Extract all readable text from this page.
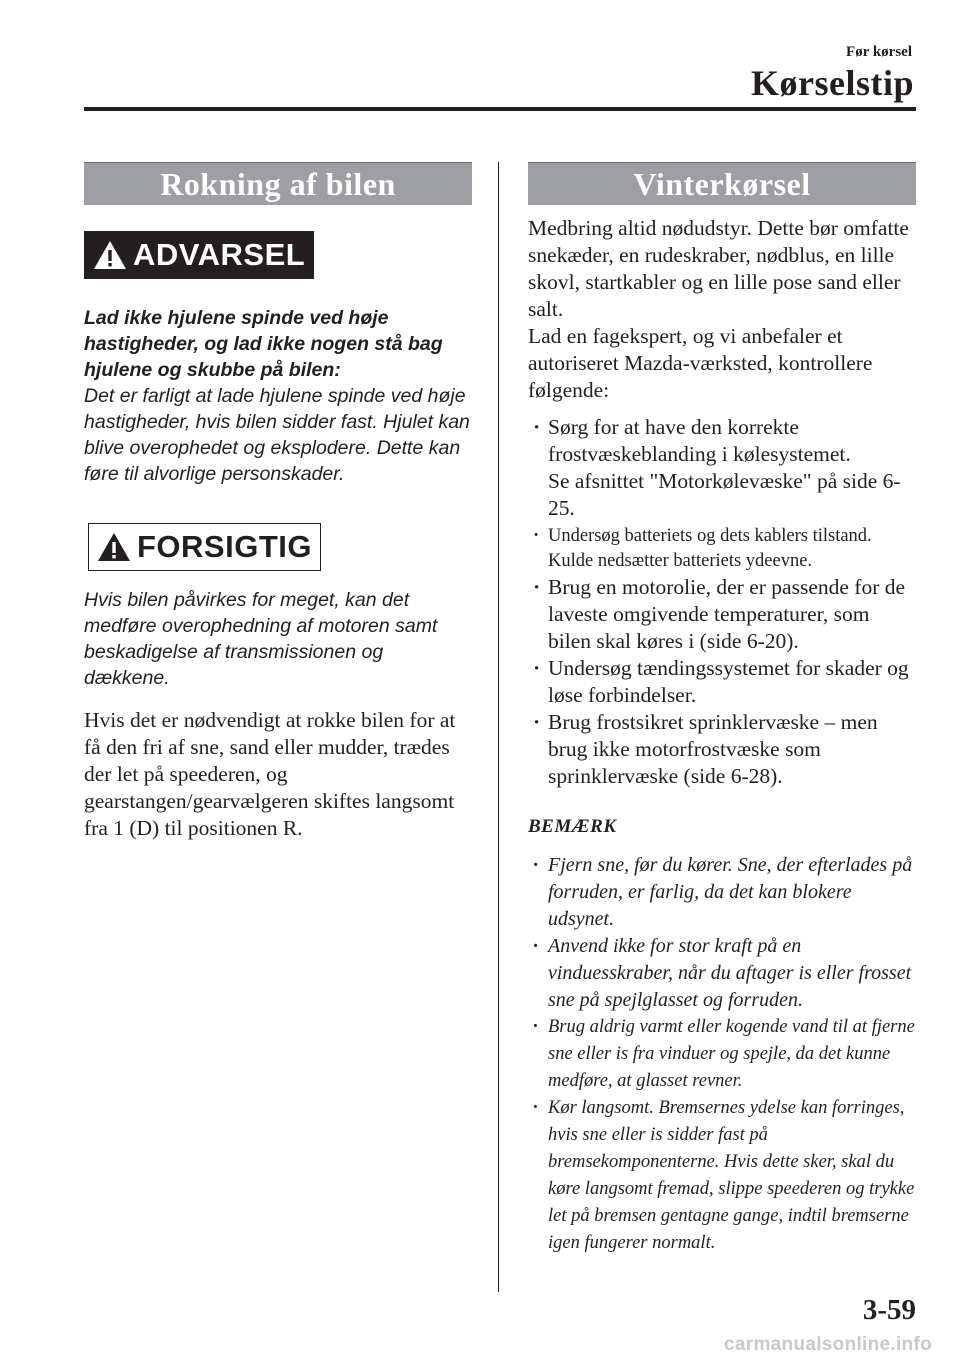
Før kørsel
Kørselstip
Rokning af bilen
ADVARSEL
Lad ikke hjulene spinde ved høje hastigheder, og lad ikke nogen stå bag hjulene og skubbe på bilen:
Det er farligt at lade hjulene spinde ved høje hastigheder, hvis bilen sidder fast. Hjulet kan blive overophedet og eksplodere. Dette kan føre til alvorlige personskader.
FORSIGTIG
Hvis bilen påvirkes for meget, kan det medføre overophedning af motoren samt beskadigelse af transmissionen og dækkene.
Hvis det er nødvendigt at rokke bilen for at få den fri af sne, sand eller mudder, trædes der let på speederen, og gearstangen/gearvælgeren skiftes langsomt fra 1 (D) til positionen R.
Vinterkørsel
Medbring altid nødudstyr. Dette bør omfatte snekæder, en rudeskraber, nødblus, en lille skovl, startkabler og en lille pose sand eller salt.
Lad en fagekspert, og vi anbefaler et autoriseret Mazda-værksted, kontrollere følgende:
· Sørg for at have den korrekte frostvæskeblanding i kølesystemet.
Se afsnittet "Motorkølevæske" på side 6-25.
· Undersøg batteriets og dets kablers tilstand. Kulde nedsætter batteriets ydeevne.
· Brug en motorolie, der er passende for de laveste omgivende temperaturer, som bilen skal køres i (side 6-20).
· Undersøg tændingssystemet for skader og løse forbindelser.
· Brug frostsikret sprinklervæske – men brug ikke motorfrostvæske som sprinklervæske (side 6-28).
BEMÆRK
· Fjern sne, før du kører. Sne, der efterlades på forruden, er farlig, da det kan blokere udsynet.
· Anvend ikke for stor kraft på en vinduesskraber, når du aftager is eller frosset sne på spejlglasset og forruden.
· Brug aldrig varmt eller kogende vand til at fjerne sne eller is fra vinduer og spejle, da det kunne medføre, at glasset revner.
· Kør langsomt. Bremsernes ydelse kan forringes, hvis sne eller is sidder fast på bremsekomponenterne. Hvis dette sker, skal du køre langsomt fremad, slippe speederen og trykke let på bremsen gentagne gange, indtil bremserne igen fungerer normalt.
3-59
carmanualsonline.info
